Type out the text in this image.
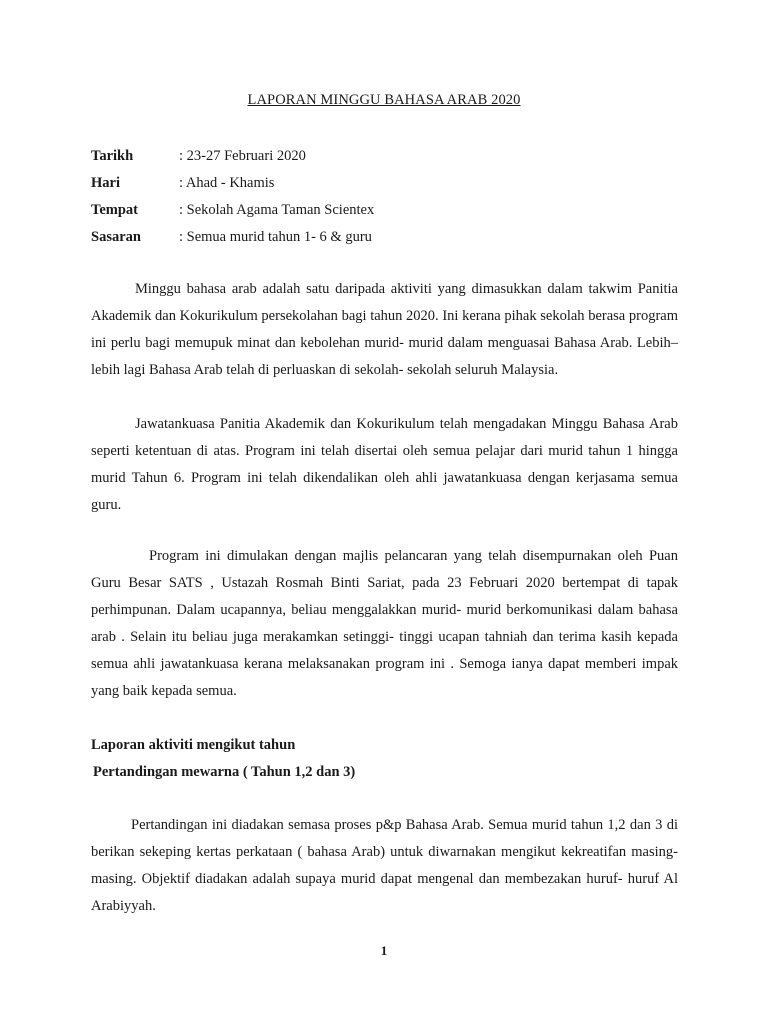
LAPORAN MINGGU BAHASA ARAB 2020
Tarikh	: 23-27 Februari 2020
Hari	: Ahad - Khamis
Tempat	: Sekolah Agama Taman Scientex
Sasaran	: Semua murid tahun 1- 6 & guru

Minggu bahasa arab adalah satu daripada aktiviti yang dimasukkan dalam takwim Panitia Akademik dan Kokurikulum persekolahan bagi tahun 2020. Ini kerana pihak sekolah berasa program ini perlu bagi memupuk minat dan kebolehan murid- murid dalam menguasai Bahasa Arab. Lebih–lebih lagi Bahasa Arab telah di perluaskan di sekolah- sekolah seluruh Malaysia.

Jawatankuasa Panitia Akademik dan Kokurikulum telah mengadakan Minggu Bahasa Arab seperti ketentuan di atas. Program ini telah disertai oleh semua pelajar dari murid tahun 1 hingga murid Tahun 6. Program ini telah dikendalikan oleh ahli jawatankuasa dengan kerjasama semua guru.

Program ini dimulakan dengan majlis pelancaran yang telah disempurnakan oleh Puan Guru Besar SATS , Ustazah Rosmah Binti Sariat, pada 23 Februari 2020 bertempat di tapak perhimpunan. Dalam ucapannya, beliau menggalakkan murid- murid berkomunikasi dalam bahasa arab . Selain itu beliau juga merakamkan setinggi- tinggi ucapan tahniah dan terima kasih kepada semua ahli jawatankuasa kerana melaksanakan program ini . Semoga ianya dapat memberi impak yang baik kepada semua.

Laporan aktiviti mengikut tahun
Pertandingan mewarna ( Tahun 1,2 dan 3)

Pertandingan ini diadakan semasa proses p&p Bahasa Arab. Semua murid tahun 1,2 dan 3 di berikan sekeping kertas perkataan ( bahasa Arab) untuk diwarnakan mengikut kekreatifan masing- masing. Objektif diadakan adalah supaya murid dapat mengenal dan membezakan huruf- huruf Al Arabiyyah.

1
